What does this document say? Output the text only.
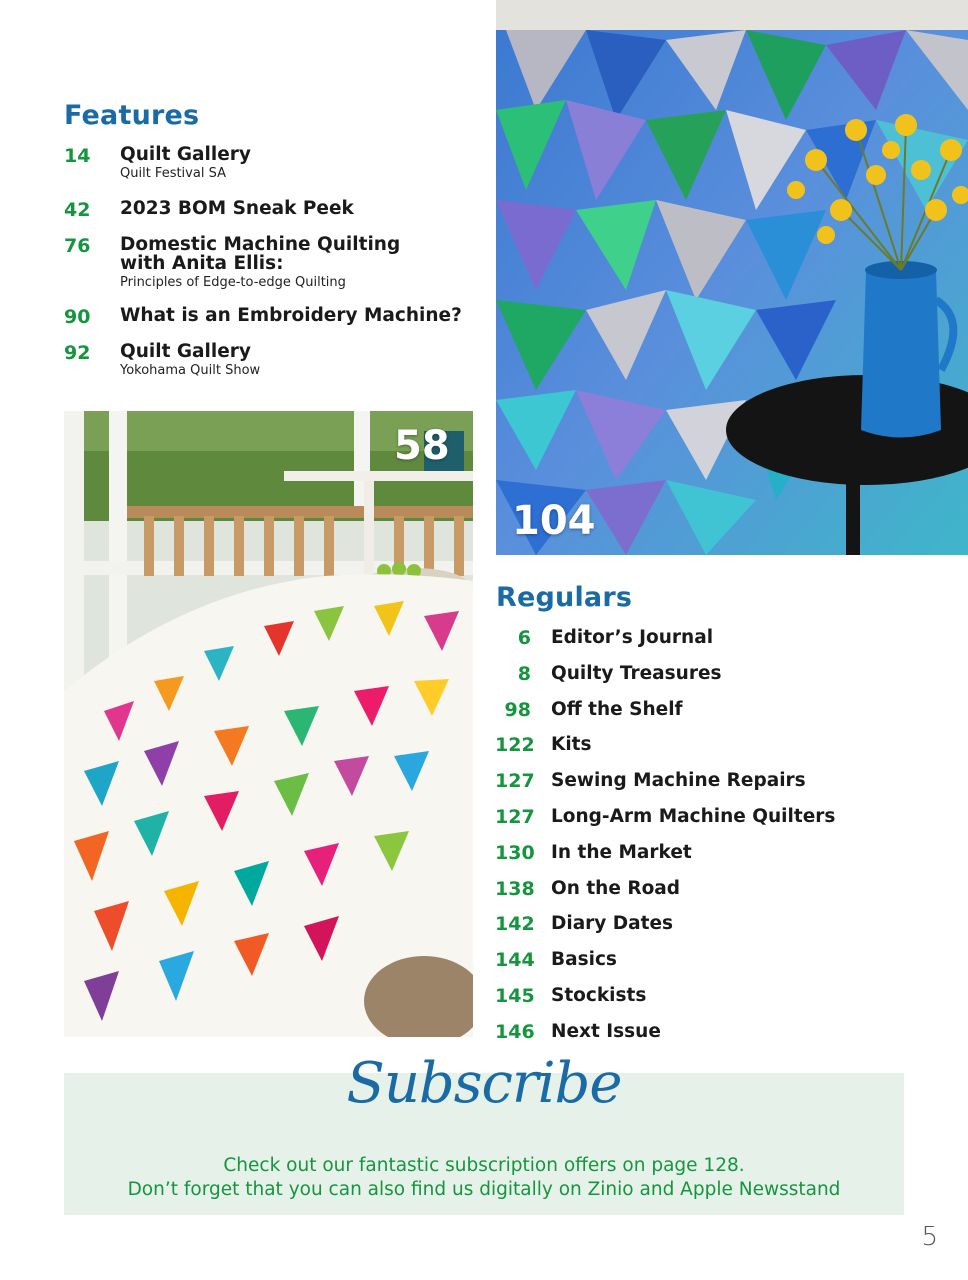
Features
14	Quilt Gallery
Quilt Festival SA
42	2023 BOM Sneak Peek
76	Domestic Machine Quilting
with Anita Ellis:
Principles of Edge-to-edge Quilting
90	What is an Embroidery Machine?
92	Quilt Gallery
Yokohama Quilt Show
104
58
Regulars
6 Editor’s Journal
8 Quilty Treasures
98 Off the Shelf
122 Kits
127 Sewing Machine Repairs
127 Long-Arm Machine Quilters
130 In the Market
138 On the Road
142 Diary Dates
144 Basics
145 Stockists
146 Next Issue
Subscribe
Check out our fantastic subscription offers on page 128.
Don’t forget that you can also find us digitally on Zinio and Apple Newsstand
5
